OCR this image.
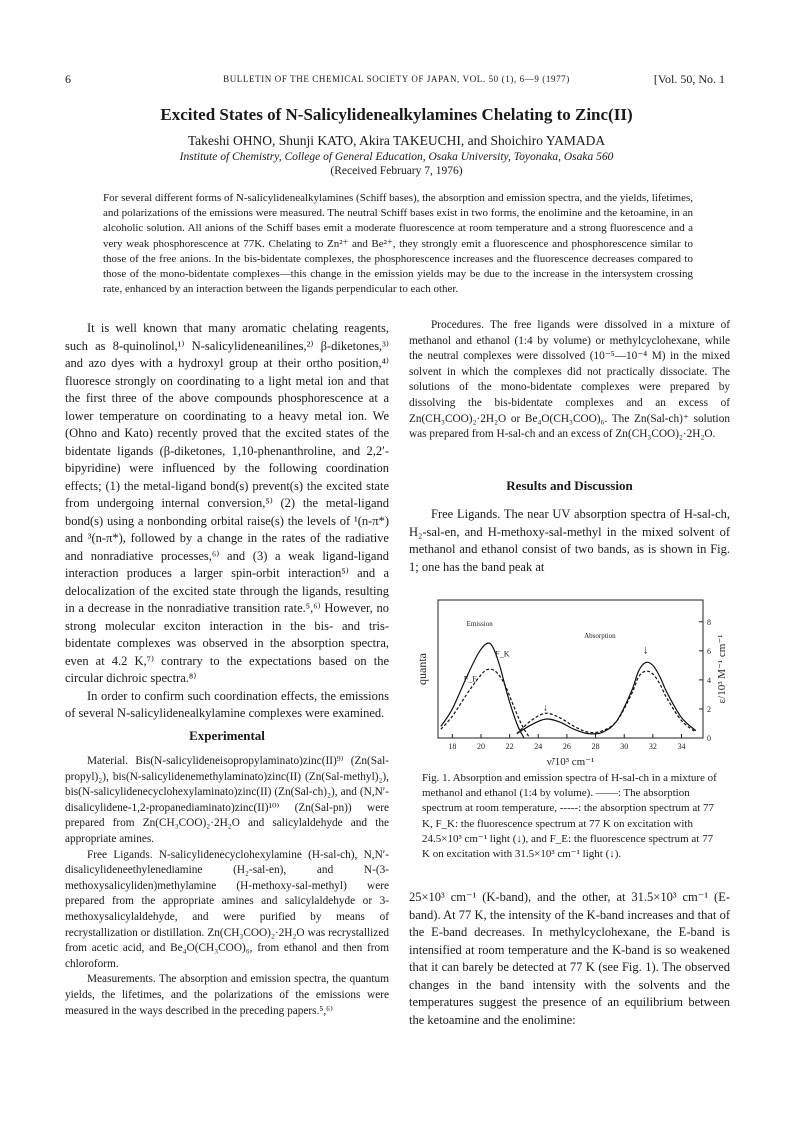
6	BULLETIN OF THE CHEMICAL SOCIETY OF JAPAN, VOL. 50 (1), 6—9 (1977)	[Vol. 50, No. 1
Excited States of N-Salicylidenealkylamines Chelating to Zinc(II)
Takeshi OHNO, Shunji KATO, Akira TAKEUCHI, and Shoichiro YAMADA
Institute of Chemistry, College of General Education, Osaka University, Toyonaka, Osaka 560
(Received February 7, 1976)
For several different forms of N-salicylidenealkylamines (Schiff bases), the absorption and emission spectra, and the yields, lifetimes, and polarizations of the emissions were measured. The neutral Schiff bases exist in two forms, the enolimine and the ketoamine, in an alcoholic solution. All anions of the Schiff bases emit a moderate fluorescence at room temperature and a strong fluorescence and a very weak phosphorescence at 77K. Chelating to Zn²⁺ and Be²⁺, they strongly emit a fluorescence and phosphorescence similar to those of the free anions. In the bis-bidentate complexes, the phosphorescence increases and the fluorescence decreases compared to those of the mono-bidentate complexes—this change in the emission yields may be due to the increase in the intersystem crossing rate, enhanced by an interaction between the ligands perpendicular to each other.

It is well known that many aromatic chelating reagents, such as 8-quinolinol,¹⁾ N-salicylideneanilines,²⁾ β-diketones,³⁾ and azo dyes with a hydroxyl group at their ortho position,⁴⁾ fluoresce strongly on coordinating to a light metal ion and that the first three of the above compounds phosphorescence at a lower temperature on coordinating to a heavy metal ion. We (Ohno and Kato) recently proved that the excited states of the bidentate ligands (β-diketones, 1,10-phenanthroline, and 2,2′-bipyridine) were influenced by the following coordination effects; (1) the metal-ligand bond(s) prevent(s) the excited state from undergoing internal conversion,⁵⁾ (2) the metal-ligand bond(s) using a nonbonding orbital raise(s) the levels of ¹(n-π*) and ³(n-π*), followed by a change in the rates of the radiative and nonradiative processes,⁶⁾ and (3) a weak ligand-ligand interaction produces a larger spin-orbit interaction⁵⁾ and a delocalization of the excited state through the ligands, resulting in a decrease in the nonradiative transition rate.⁵,⁶⁾ However, no strong molecular exciton interaction in the bis- and tris-bidentate complexes was observed in the absorption spectra, even at 4.2 K,⁷⁾ contrary to the expectations based on the circular dichroic spectra.⁸⁾

In order to confirm such coordination effects, the emissions of several N-salicylidenealkylamine complexes were examined.

Experimental

Material. Bis(N-salicylideneisopropylaminato)zinc(II)⁹⁾ (Zn(Sal-propyl)₂), bis(N-salicylidenemethylaminato)zinc(II) (Zn(Sal-methyl)₂), bis(N-salicylidenecyclohexylaminato)zinc(II) (Zn(Sal-ch)₂), and (N,N′-disalicylidene-1,2-propanediaminato)zinc(II)¹⁰⁾ (Zn(Sal-pn)) were prepared from Zn(CH₃COO)₂·2H₂O and salicylaldehyde and the appropriate amines.

Free Ligands. N-salicylidenecyclohexylamine (H-sal-ch), N,N′-disalicylideneethylenediamine (H₂-sal-en), and N-(3-methoxysalicyliden)methylamine (H-methoxy-sal-methyl) were prepared from the appropriate amines and salicylaldehyde or 3-methoxysalicylaldehyde, and were purified by means of recrystallization or distillation. Zn(CH₃COO)₂·2H₂O was recrystallized from acetic acid, and Be₄O(CH₃COO)₆, from ethanol and then from chloroform.

Measurements. The absorption and emission spectra, the quantum yields, the lifetimes, and the polarizations of the emissions were measured in the ways described in the preceding papers.⁵,⁶⁾

Procedures. The free ligands were dissolved in a mixture of methanol and ethanol (1:4 by volume) or methylcyclohexane, while the neutral complexes were dissolved (10⁻⁵—10⁻⁴ M) in the mixed solvent in which the complexes did not practically dissociate. The solutions of the mono-bidentate complexes were prepared by dissolving the bis-bidentate complexes and an excess of Zn(CH₃COO)₂·2H₂O or Be₄O(CH₃COO)₆. The Zn(Sal-ch)⁺ solution was prepared from H-sal-ch and an excess of Zn(CH₃COO)₂·2H₂O.

Results and Discussion

Free Ligands. The near UV absorption spectra of H-sal-ch, H₂-sal-en, and H-methoxy-sal-methyl in the mixed solvent of methanol and ethanol consist of two bands, as is shown in Fig. 1; one has the band peak at

18	20	22	24	26	28	30	32	34
ν̃/10³ cm⁻¹
0
2
4
6
8
ε/10³ M⁻¹ cm⁻¹
quanta
Emission
Absorption
F_K
F_E
↓
↓
Fig. 1. Absorption and emission spectra of H-sal-ch in a mixture of methanol and ethanol (1:4 by volume). ——: The absorption spectrum at room temperature, -----: the absorption spectrum at 77 K, F_K: the fluorescence spectrum at 77 K on excitation with 24.5×10³ cm⁻¹ light (↓), and F_E: the fluorescence spectrum at 77 K on excitation with 31.5×10³ cm⁻¹ light (↓).
25×10³ cm⁻¹ (K-band), and the other, at 31.5×10³ cm⁻¹ (E-band). At 77 K, the intensity of the K-band increases and that of the E-band decreases. In methylcyclohexane, the E-band is intensified at room temperature and the K-band is so weakened that it can barely be detected at 77 K (see Fig. 1). The observed changes in the band intensity with the solvents and the temperatures suggest the presence of an equilibrium between the ketoamine and the enolimine:
